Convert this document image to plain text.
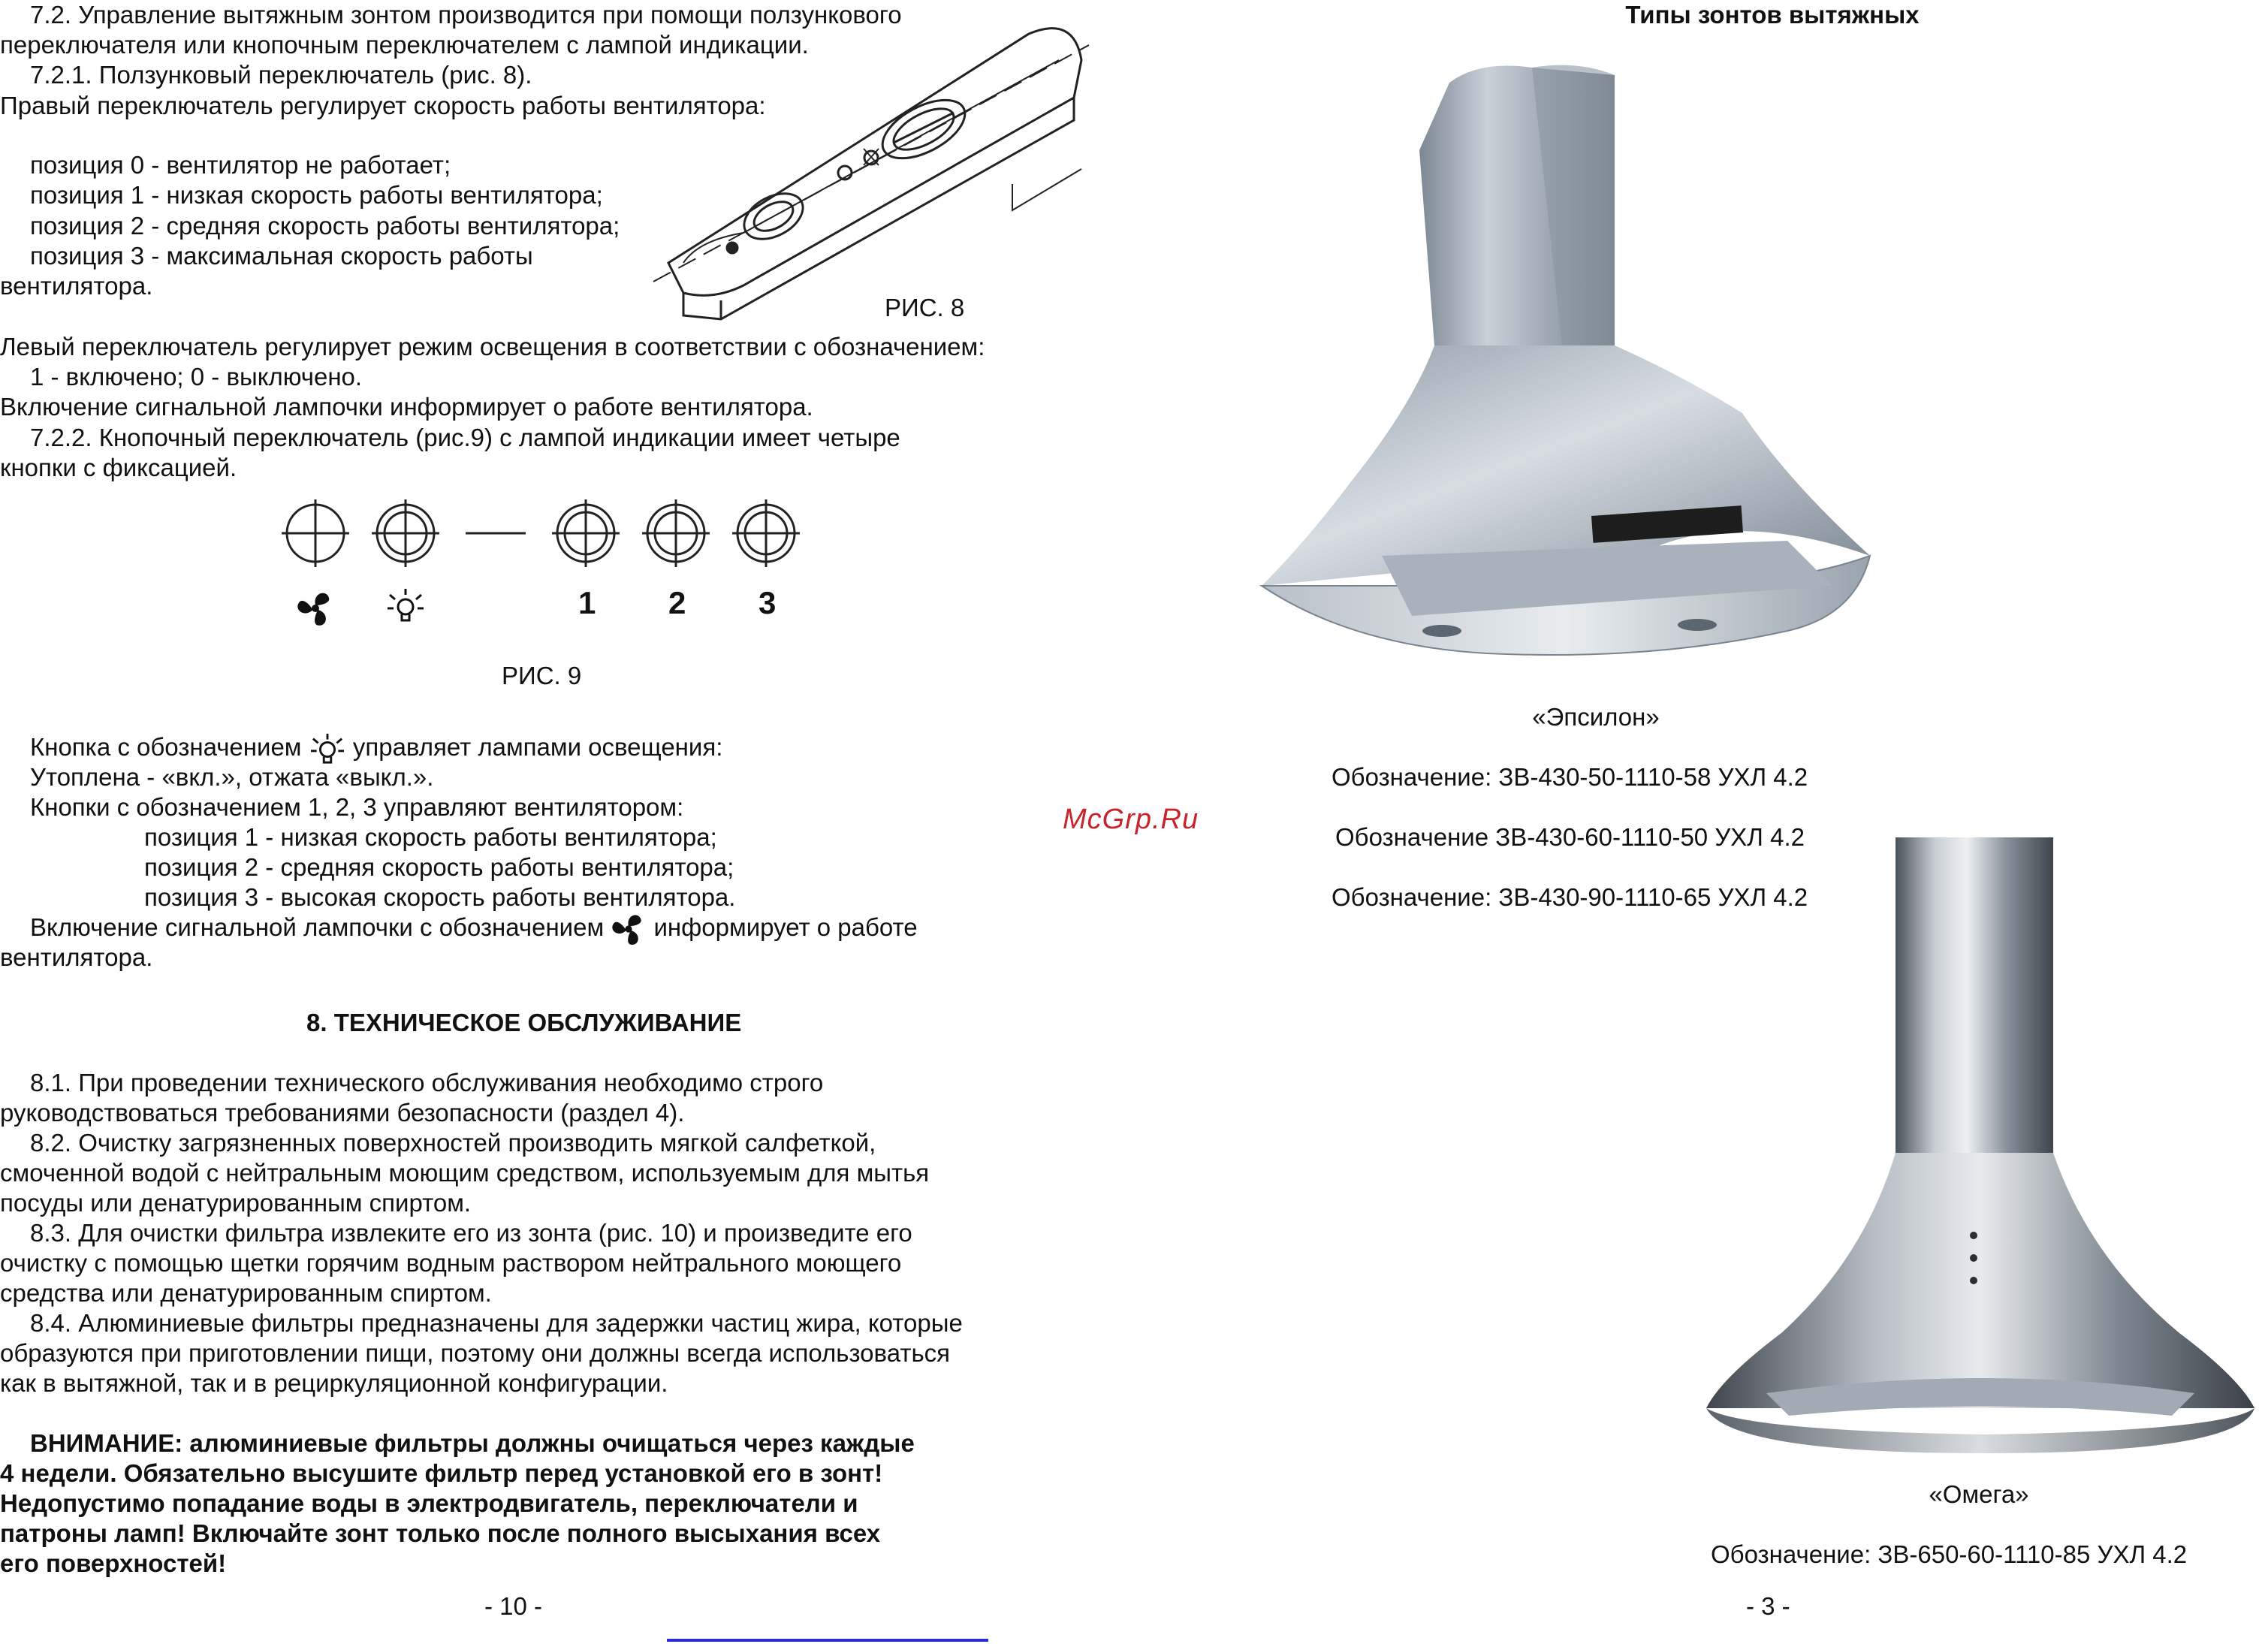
7.2. Управление вытяжным зонтом производится при помощи ползункового
переключателя или кнопочным переключателем с лампой индикации.
7.2.1. Ползунковый переключатель (рис. 8).
Правый переключатель регулирует скорость работы вентилятора:
позиция 0 - вентилятор не работает;
позиция 1 - низкая скорость работы вентилятора;
позиция 2 - средняя скорость работы вентилятора;
позиция 3 - максимальная скорость работы
вентилятора.
РИС. 8
Левый переключатель регулирует режим освещения в соответствии с обозначением:
1 - включено; 0 - выключено.
Включение сигнальной лампочки информирует о работе вентилятора.
7.2.2. Кнопочный переключатель (рис.9) с лампой индикации имеет четыре
кнопки с фиксацией.
1 2 3
РИС. 9
Кнопка с обозначением управляет лампами освещения:
Утоплена - «вкл.», отжата «выкл.».
Кнопки с обозначением 1, 2, 3 управляют вентилятором:
позиция 1 - низкая скорость работы вентилятора;
позиция 2 - средняя скорость работы вентилятора;
позиция 3 - высокая скорость работы вентилятора.
Включение сигнальной лампочки с обозначением информирует о работе
вентилятора.
8. ТЕХНИЧЕСКОЕ ОБСЛУЖИВАНИЕ
8.1. При проведении технического обслуживания необходимо строго
руководствоваться требованиями безопасности (раздел 4).
8.2. Очистку загрязненных поверхностей производить мягкой салфеткой,
смоченной водой с нейтральным моющим средством, используемым для мытья
посуды или денатурированным спиртом.
8.3. Для очистки фильтра извлеките его из зонта (рис. 10) и произведите его
очистку с помощью щетки горячим водным раствором нейтрального моющего
средства или денатурированным спиртом.
8.4. Алюминиевые фильтры предназначены для задержки частиц жира, которые
образуются при приготовлении пищи, поэтому они должны всегда использоваться
как в вытяжной, так и в рециркуляционной конфигурации.
ВНИМАНИЕ: алюминиевые фильтры должны очищаться через каждые
4 недели. Обязательно высушите фильтр перед установкой его в зонт!
Недопустимо попадание воды в электродвигатель, переключатели и
патроны ламп! Включайте зонт только после полного высыхания всех
его поверхностей!
- 10 -
McGrp.Ru
Типы зонтов вытяжных
«Эпсилон»
Обозначение: ЗВ-430-50-1110-58 УХЛ 4.2
Обозначение ЗВ-430-60-1110-50 УХЛ 4.2
Обозначение: ЗВ-430-90-1110-65 УХЛ 4.2
«Омега»
Обозначение: ЗВ-650-60-1110-85 УХЛ 4.2
- 3 -
